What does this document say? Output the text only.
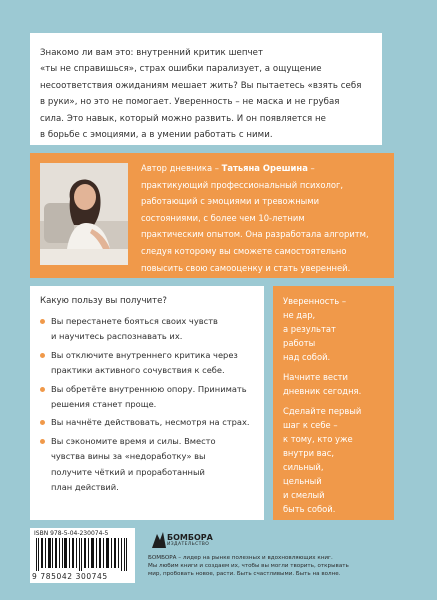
Знакомо ли вам это: внутренний критик шепчет
«ты не справишься», страх ошибки парализует, а ощущение
несоответствия ожиданиям мешает жить? Вы пытаетесь «взять себя
в руки», но это не помогает. Уверенность – не маска и не грубая
сила. Это навык, который можно развить. И он появляется не
в борьбе с эмоциями, а в умении работать с ними.

Автор дневника – Татьяна Орешина –
практикующий профессиональный психолог,
работающий с эмоциями и тревожными
состояниями, с более чем 10-летним
практическим опытом. Она разработала алгоритм,
следуя которому вы сможете самостоятельно
повысить свою самооценку и стать уверенней.
Какую пользу вы получите?
Вы перестанете бояться своих чувств
и научитесь распознавать их.
Вы отключите внутреннего критика через
практики активного сочувствия к себе.
Вы обретёте внутреннюю опору. Принимать
решения станет проще.
Вы начнёте действовать, несмотря на страх.
Вы сэкономите время и силы. Вместо
чувства вины за «недоработку» вы
получите чёткий и проработанный
план действий.
Уверенность –
не дар,
а результат
работы
над собой.
Начните вести
дневник сегодня.
Сделайте первый
шаг к себе –
к тому, кто уже
внутри вас,
сильный,
цельный
и смелый
быть собой.
ISBN 978-5-04-230074-5
9 785042 300745
БОМБОРА
ИЗДАТЕЛЬСТВО
БОМБОРА – лидер на рынке полезных и вдохновляющих книг.
Мы любим книги и создаем их, чтобы вы могли творить, открывать
мир, пробовать новое, расти. Быть счастливыми. Быть на волне.
